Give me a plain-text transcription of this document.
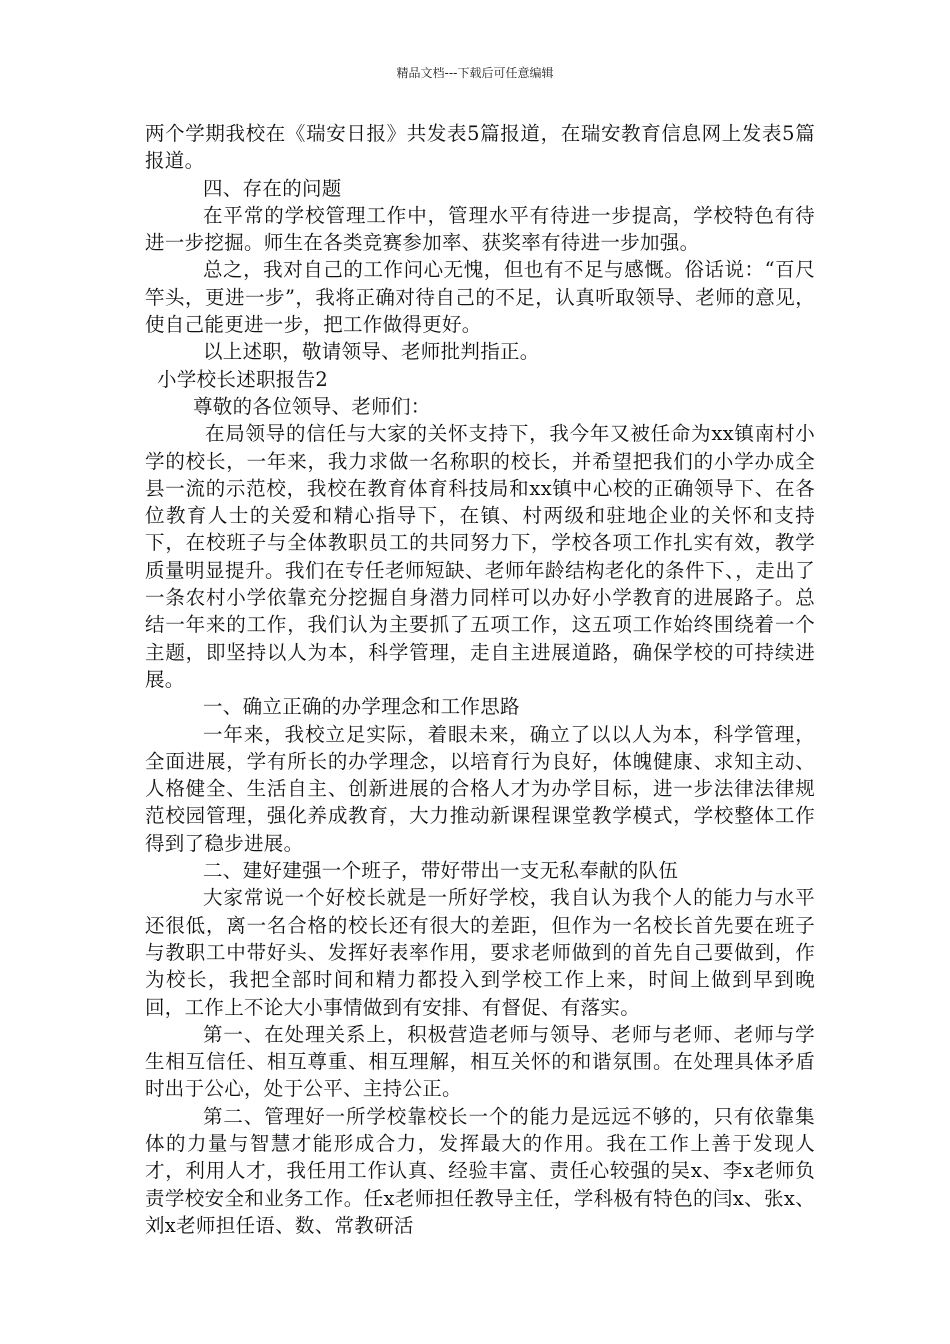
精品文档---下载后可任意编辑

两个学期我校在《瑞安日报》共发表5篇报道，在瑞安教育信息网上发表5篇报道。

四、存在的问题

在平常的学校管理工作中，管理水平有待进一步提高，学校特色有待进一步挖掘。师生在各类竞赛参加率、获奖率有待进一步加强。

总之，我对自己的工作问心无愧，但也有不足与感慨。俗话说：“百尺竿头，更进一步”，我将正确对待自己的不足，认真听取领导、老师的意见，使自己能更进一步，把工作做得更好。

以上述职，敬请领导、老师批判指正。

小学校长述职报告2

尊敬的各位领导、老师们：

在局领导的信任与大家的关怀支持下，我今年又被任命为xx镇南村小学的校长，一年来，我力求做一名称职的校长，并希望把我们的小学办成全县一流的示范校，我校在教育体育科技局和xx镇中心校的正确领导下、在各位教育人士的关爱和精心指导下，在镇、村两级和驻地企业的关怀和支持下，在校班子与全体教职员工的共同努力下，学校各项工作扎实有效，教学质量明显提升。我们在专任老师短缺、老师年龄结构老化的条件下、，走出了一条农村小学依靠充分挖掘自身潜力同样可以办好小学教育的进展路子。总结一年来的工作，我们认为主要抓了五项工作，这五项工作始终围绕着一个主题，即坚持以人为本，科学管理，走自主进展道路，确保学校的可持续进展。

一、确立正确的办学理念和工作思路

一年来，我校立足实际，着眼未来，确立了以以人为本，科学管理，全面进展，学有所长的办学理念，以培育行为良好，体魄健康、求知主动、人格健全、生活自主、创新进展的合格人才为办学目标，进一步法律法律规范校园管理，强化养成教育，大力推动新课程课堂教学模式，学校整体工作得到了稳步进展。

二、建好建强一个班子，带好带出一支无私奉献的队伍

大家常说一个好校长就是一所好学校，我自认为我个人的能力与水平还很低，离一名合格的校长还有很大的差距，但作为一名校长首先要在班子与教职工中带好头、发挥好表率作用，要求老师做到的首先自己要做到，作为校长，我把全部时间和精力都投入到学校工作上来，时间上做到早到晚回，工作上不论大小事情做到有安排、有督促、有落实。

第一、在处理关系上，积极营造老师与领导、老师与老师、老师与学生相互信任、相互尊重、相互理解，相互关怀的和谐氛围。在处理具体矛盾时出于公心，处于公平、主持公正。

第二、管理好一所学校靠校长一个的能力是远远不够的，只有依靠集体的力量与智慧才能形成合力，发挥最大的作用。我在工作上善于发现人才，利用人才，我任用工作认真、经验丰富、责任心较强的吴x、李x老师负责学校安全和业务工作。任x老师担任教导主任，学科极有特色的闫x、张x、刘x老师担任语、数、常教研活
